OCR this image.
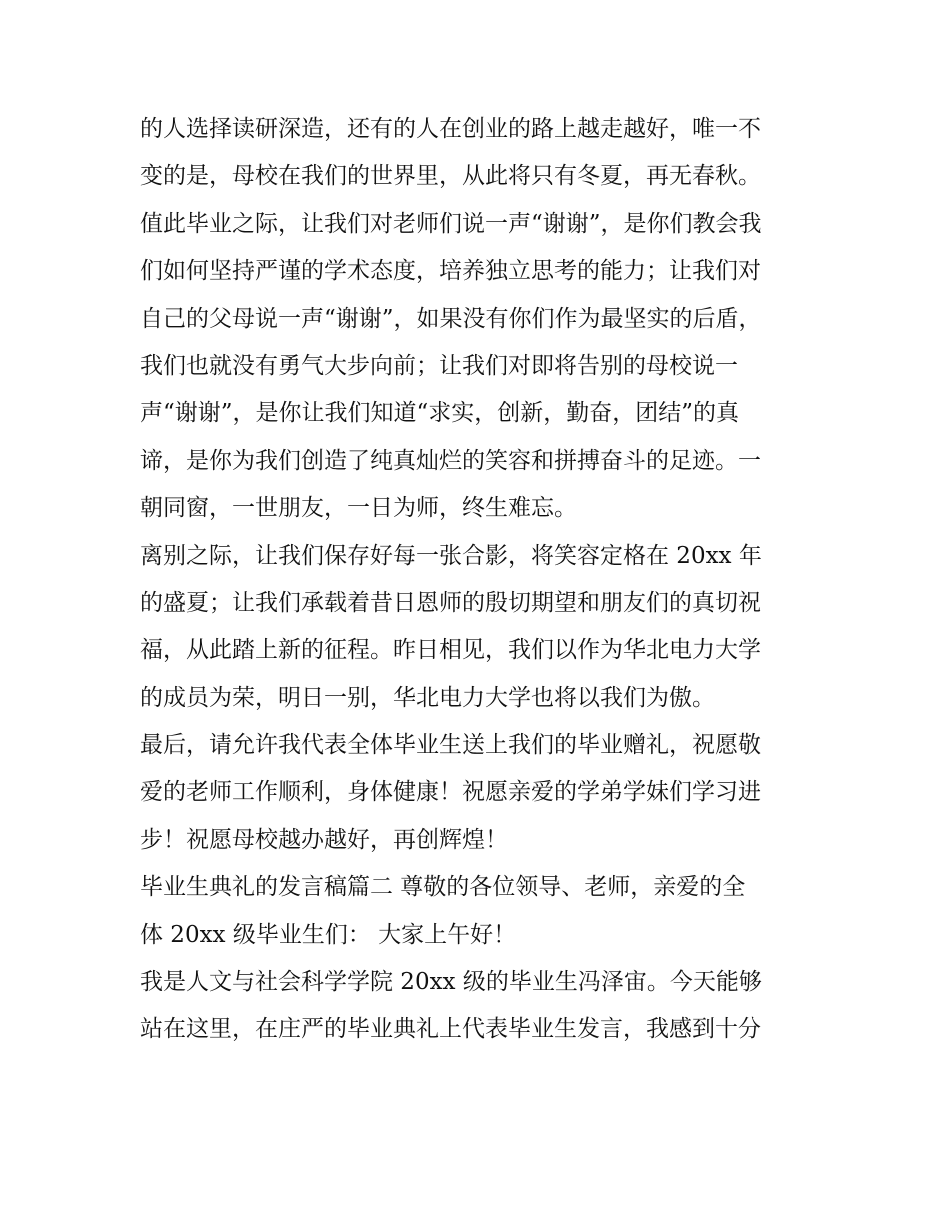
的人选择读研深造，还有的人在创业的路上越走越好，唯一不
变的是，母校在我们的世界里，从此将只有冬夏，再无春秋。
值此毕业之际，让我们对老师们说一声“谢谢”，是你们教会我
们如何坚持严谨的学术态度，培养独立思考的能力；让我们对
自己的父母说一声“谢谢”，如果没有你们作为最坚实的后盾，
我们也就没有勇气大步向前；让我们对即将告别的母校说一
声“谢谢”，是你让我们知道“求实，创新，勤奋，团结”的真
谛，是你为我们创造了纯真灿烂的笑容和拼搏奋斗的足迹。一
朝同窗，一世朋友，一日为师，终生难忘。
离别之际，让我们保存好每一张合影，将笑容定格在 20xx 年
的盛夏；让我们承载着昔日恩师的殷切期望和朋友们的真切祝
福，从此踏上新的征程。昨日相见，我们以作为华北电力大学
的成员为荣，明日一别，华北电力大学也将以我们为傲。
最后，请允许我代表全体毕业生送上我们的毕业赠礼，祝愿敬
爱的老师工作顺利，身体健康！祝愿亲爱的学弟学妹们学习进
步！祝愿母校越办越好，再创辉煌！
毕业生典礼的发言稿篇二 尊敬的各位领导、老师，亲爱的全
体 20xx 级毕业生们： 大家上午好！
我是人文与社会科学学院 20xx 级的毕业生冯泽宙。今天能够
站在这里，在庄严的毕业典礼上代表毕业生发言，我感到十分
